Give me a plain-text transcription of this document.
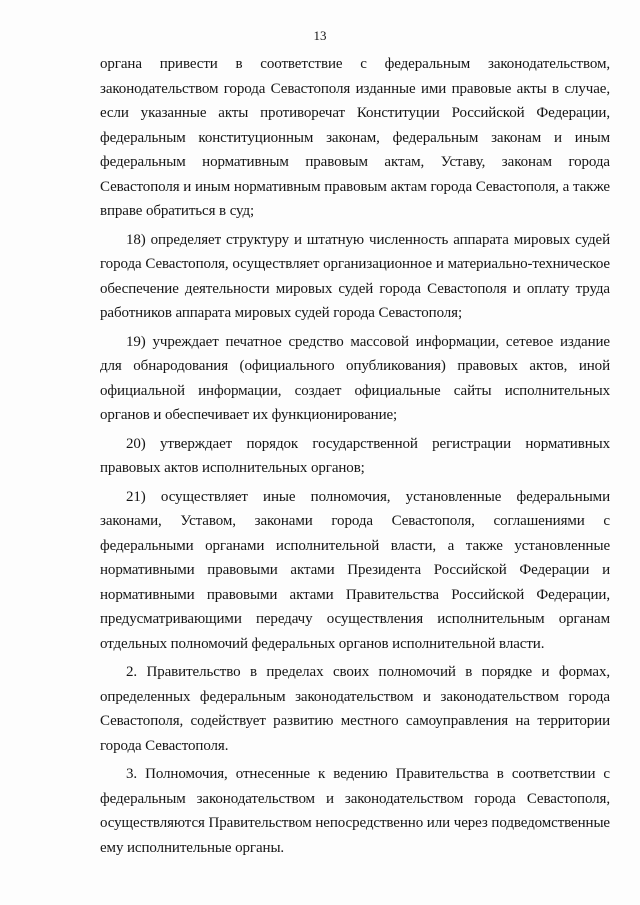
13

органа привести в соответствие с федеральным законодательством, законодательством города Севастополя изданные ими правовые акты в случае, если указанные акты противоречат Конституции Российской Федерации, федеральным конституционным законам, федеральным законам и иным федеральным нормативным правовым актам, Уставу, законам города Севастополя и иным нормативным правовым актам города Севастополя, а также вправе обратиться в суд;

18) определяет структуру и штатную численность аппарата мировых судей города Севастополя, осуществляет организационное и материально-техническое обеспечение деятельности мировых судей города Севастополя и оплату труда работников аппарата мировых судей города Севастополя;

19) учреждает печатное средство массовой информации, сетевое издание для обнародования (официального опубликования) правовых актов, иной официальной информации, создает официальные сайты исполнительных органов и обеспечивает их функционирование;

20) утверждает порядок государственной регистрации нормативных правовых актов исполнительных органов;

21) осуществляет иные полномочия, установленные федеральными законами, Уставом, законами города Севастополя, соглашениями с федеральными органами исполнительной власти, а также установленные нормативными правовыми актами Президента Российской Федерации и нормативными правовыми актами Правительства Российской Федерации, предусматривающими передачу осуществления исполнительным органам отдельных полномочий федеральных органов исполнительной власти.

2. Правительство в пределах своих полномочий в порядке и формах, определенных федеральным законодательством и законодательством города Севастополя, содействует развитию местного самоуправления на территории города Севастополя.

3. Полномочия, отнесенные к ведению Правительства в соответствии с федеральным законодательством и законодательством города Севастополя, осуществляются Правительством непосредственно или через подведомственные ему исполнительные органы.
